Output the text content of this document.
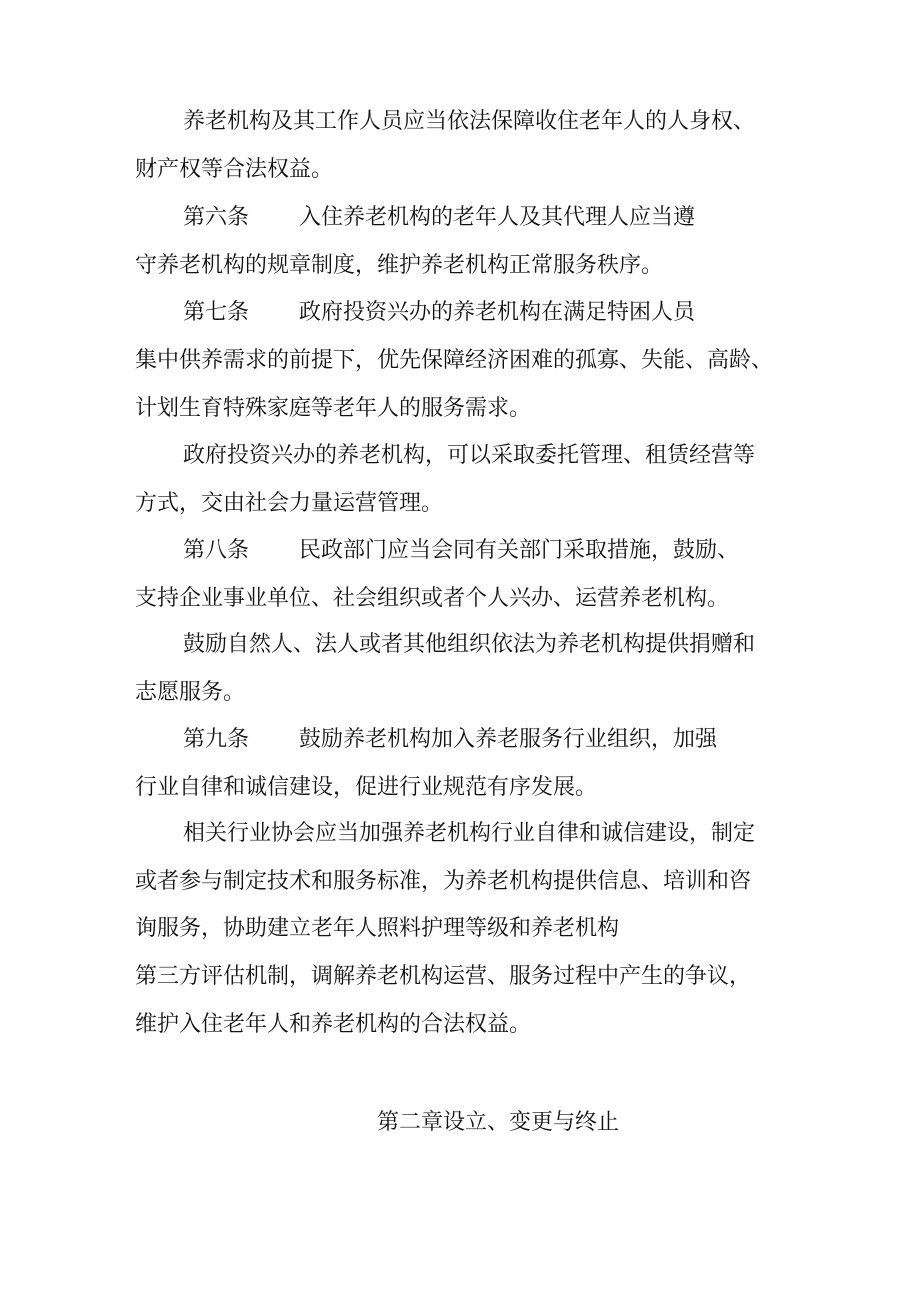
养老机构及其工作人员应当依法保障收住老年人的人身权、
财产权等合法权益。
第六条 入住养老机构的老年人及其代理人应当遵
守养老机构的规章制度，维护养老机构正常服务秩序。
第七条 政府投资兴办的养老机构在满足特困人员
集中供养需求的前提下，优先保障经济困难的孤寡、失能、高龄、
计划生育特殊家庭等老年人的服务需求。
政府投资兴办的养老机构，可以采取委托管理、租赁经营等
方式，交由社会力量运营管理。
第八条 民政部门应当会同有关部门采取措施，鼓励、
支持企业事业单位、社会组织或者个人兴办、运营养老机构。
鼓励自然人、法人或者其他组织依法为养老机构提供捐赠和
志愿服务。
第九条 鼓励养老机构加入养老服务行业组织，加强
行业自律和诚信建设，促进行业规范有序发展。
相关行业协会应当加强养老机构行业自律和诚信建设，制定
或者参与制定技术和服务标准，为养老机构提供信息、培训和咨
询服务，协助建立老年人照料护理等级和养老机构
第三方评估机制，调解养老机构运营、服务过程中产生的争议，
维护入住老年人和养老机构的合法权益。
第二章设立、变更与终止
